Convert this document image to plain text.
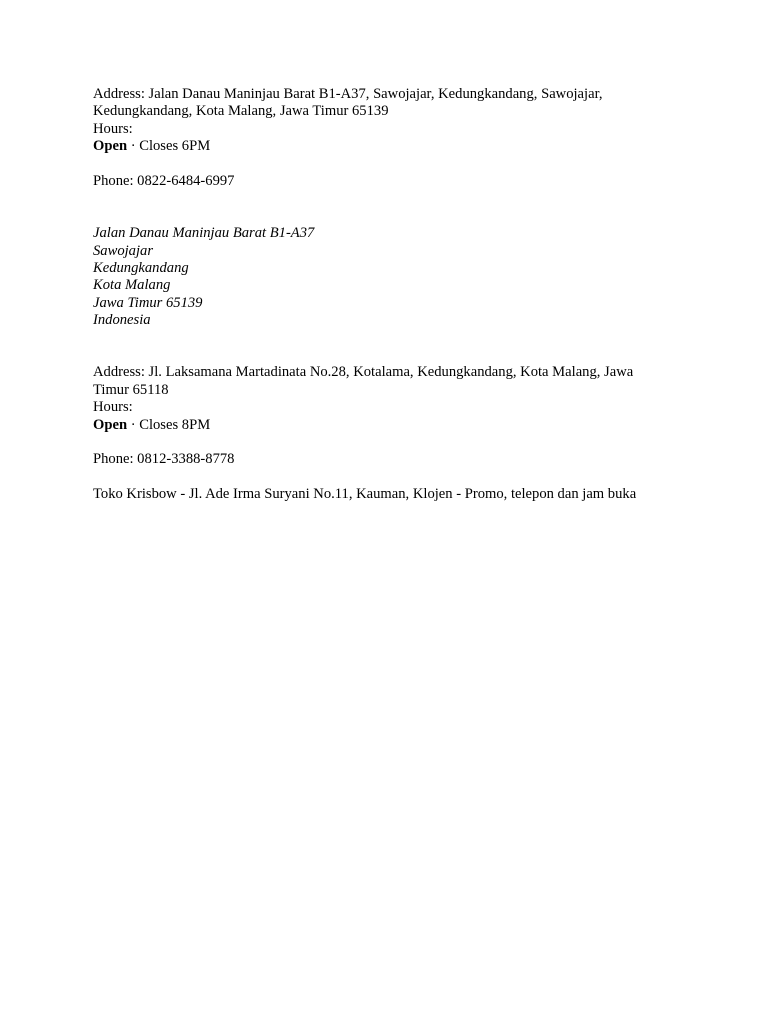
Address: Jalan Danau Maninjau Barat B1-A37, Sawojajar, Kedungkandang, Sawojajar,
Kedungkandang, Kota Malang, Jawa Timur 65139
Hours:
Open · Closes 6PM
Phone: 0822-6484-6997
Jalan Danau Maninjau Barat B1-A37
Sawojajar
Kedungkandang
Kota Malang
Jawa Timur 65139
Indonesia
Address: Jl. Laksamana Martadinata No.28, Kotalama, Kedungkandang, Kota Malang, Jawa
Timur 65118
Hours:
Open · Closes 8PM
Phone: 0812-3388-8778
Toko Krisbow - Jl. Ade Irma Suryani No.11, Kauman, Klojen - Promo, telepon dan jam buka
